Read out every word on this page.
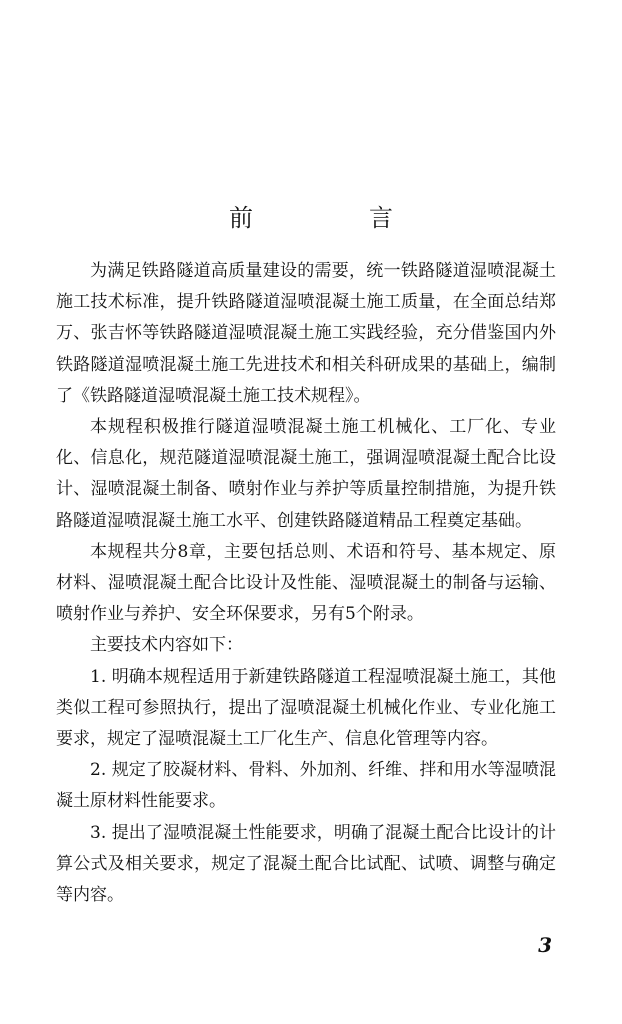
前　言

为满足铁路隧道高质量建设的需要，统一铁路隧道湿喷混凝土施工技术标准，提升铁路隧道湿喷混凝土施工质量，在全面总结郑万、张吉怀等铁路隧道湿喷混凝土施工实践经验，充分借鉴国内外铁路隧道湿喷混凝土施工先进技术和相关科研成果的基础上，编制了《铁路隧道湿喷混凝土施工技术规程》。

本规程积极推行隧道湿喷混凝土施工机械化、工厂化、专业化、信息化，规范隧道湿喷混凝土施工，强调湿喷混凝土配合比设计、湿喷混凝土制备、喷射作业与养护等质量控制措施，为提升铁路隧道湿喷混凝土施工水平、创建铁路隧道精品工程奠定基础。

本规程共分8章，主要包括总则、术语和符号、基本规定、原材料、湿喷混凝土配合比设计及性能、湿喷混凝土的制备与运输、喷射作业与养护、安全环保要求，另有5个附录。

主要技术内容如下：

1. 明确本规程适用于新建铁路隧道工程湿喷混凝土施工，其他类似工程可参照执行，提出了湿喷混凝土机械化作业、专业化施工要求，规定了湿喷混凝土工厂化生产、信息化管理等内容。

2. 规定了胶凝材料、骨料、外加剂、纤维、拌和用水等湿喷混凝土原材料性能要求。

3. 提出了湿喷混凝土性能要求，明确了混凝土配合比设计的计算公式及相关要求，规定了混凝土配合比试配、试喷、调整与确定等内容。

3
